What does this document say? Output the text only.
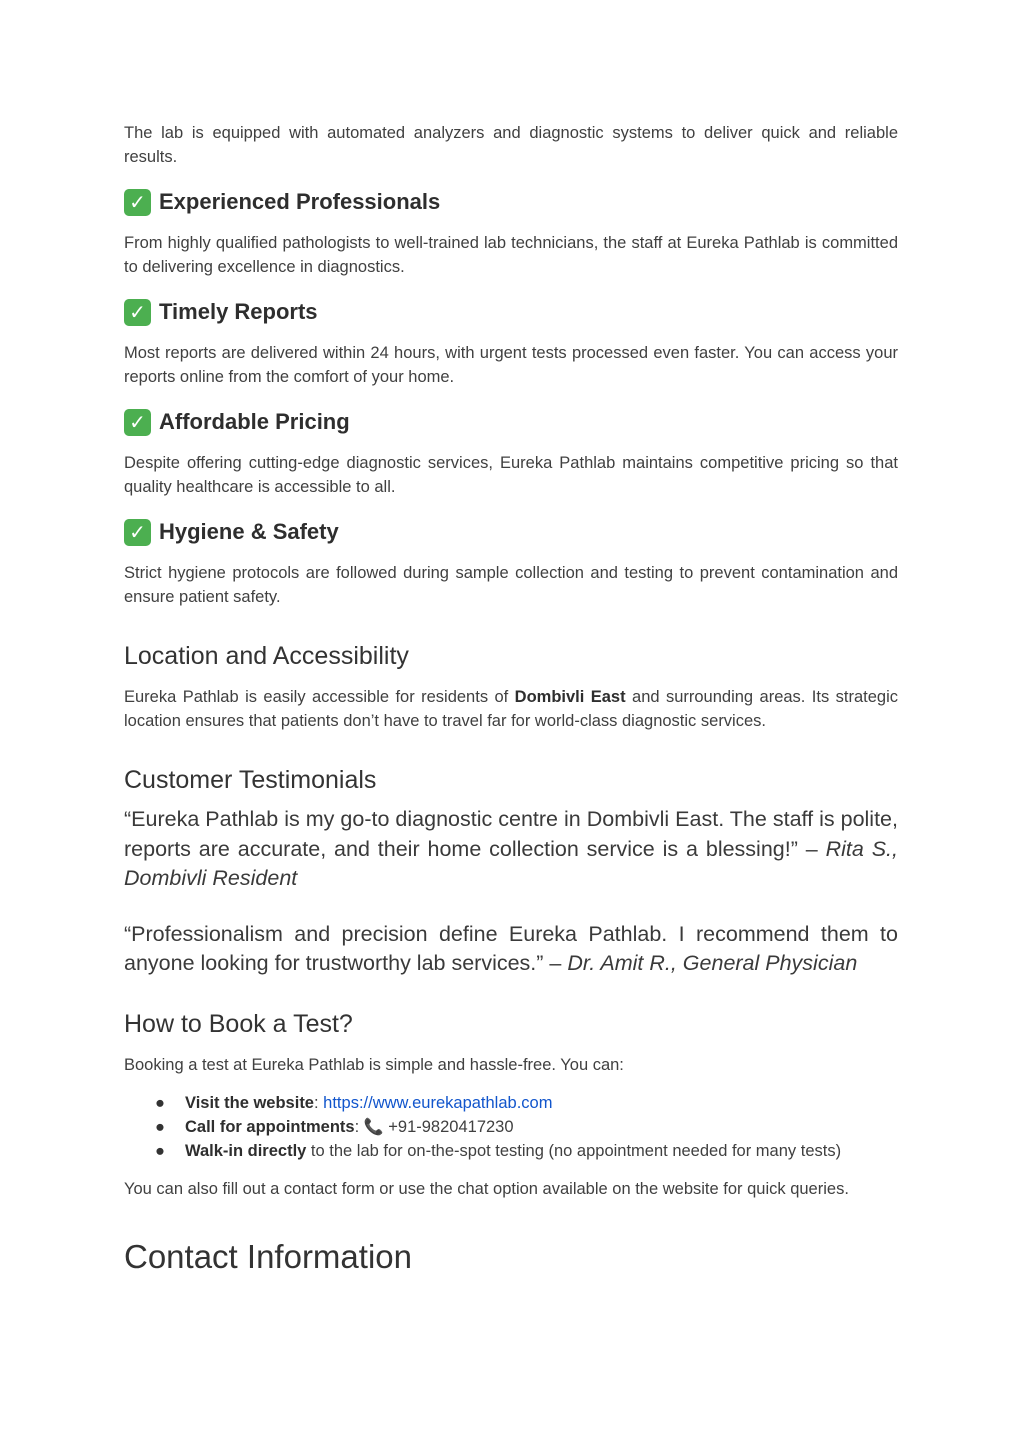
The lab is equipped with automated analyzers and diagnostic systems to deliver quick and reliable results.

✓ Experienced Professionals

From highly qualified pathologists to well-trained lab technicians, the staff at Eureka Pathlab is committed to delivering excellence in diagnostics.

✓ Timely Reports

Most reports are delivered within 24 hours, with urgent tests processed even faster. You can access your reports online from the comfort of your home.

✓ Affordable Pricing

Despite offering cutting-edge diagnostic services, Eureka Pathlab maintains competitive pricing so that quality healthcare is accessible to all.

✓ Hygiene & Safety

Strict hygiene protocols are followed during sample collection and testing to prevent contamination and ensure patient safety.

Location and Accessibility

Eureka Pathlab is easily accessible for residents of Dombivli East and surrounding areas. Its strategic location ensures that patients don’t have to travel far for world-class diagnostic services.

Customer Testimonials

“Eureka Pathlab is my go-to diagnostic centre in Dombivli East. The staff is polite, reports are accurate, and their home collection service is a blessing!” – Rita S., Dombivli Resident

“Professionalism and precision define Eureka Pathlab. I recommend them to anyone looking for trustworthy lab services.” – Dr. Amit R., General Physician

How to Book a Test?

Booking a test at Eureka Pathlab is simple and hassle-free. You can:

● Visit the website: https://www.eurekapathlab.com
● Call for appointments: 📞 +91-9820417230
● Walk-in directly to the lab for on-the-spot testing (no appointment needed for many tests)

You can also fill out a contact form or use the chat option available on the website for quick queries.

Contact Information
